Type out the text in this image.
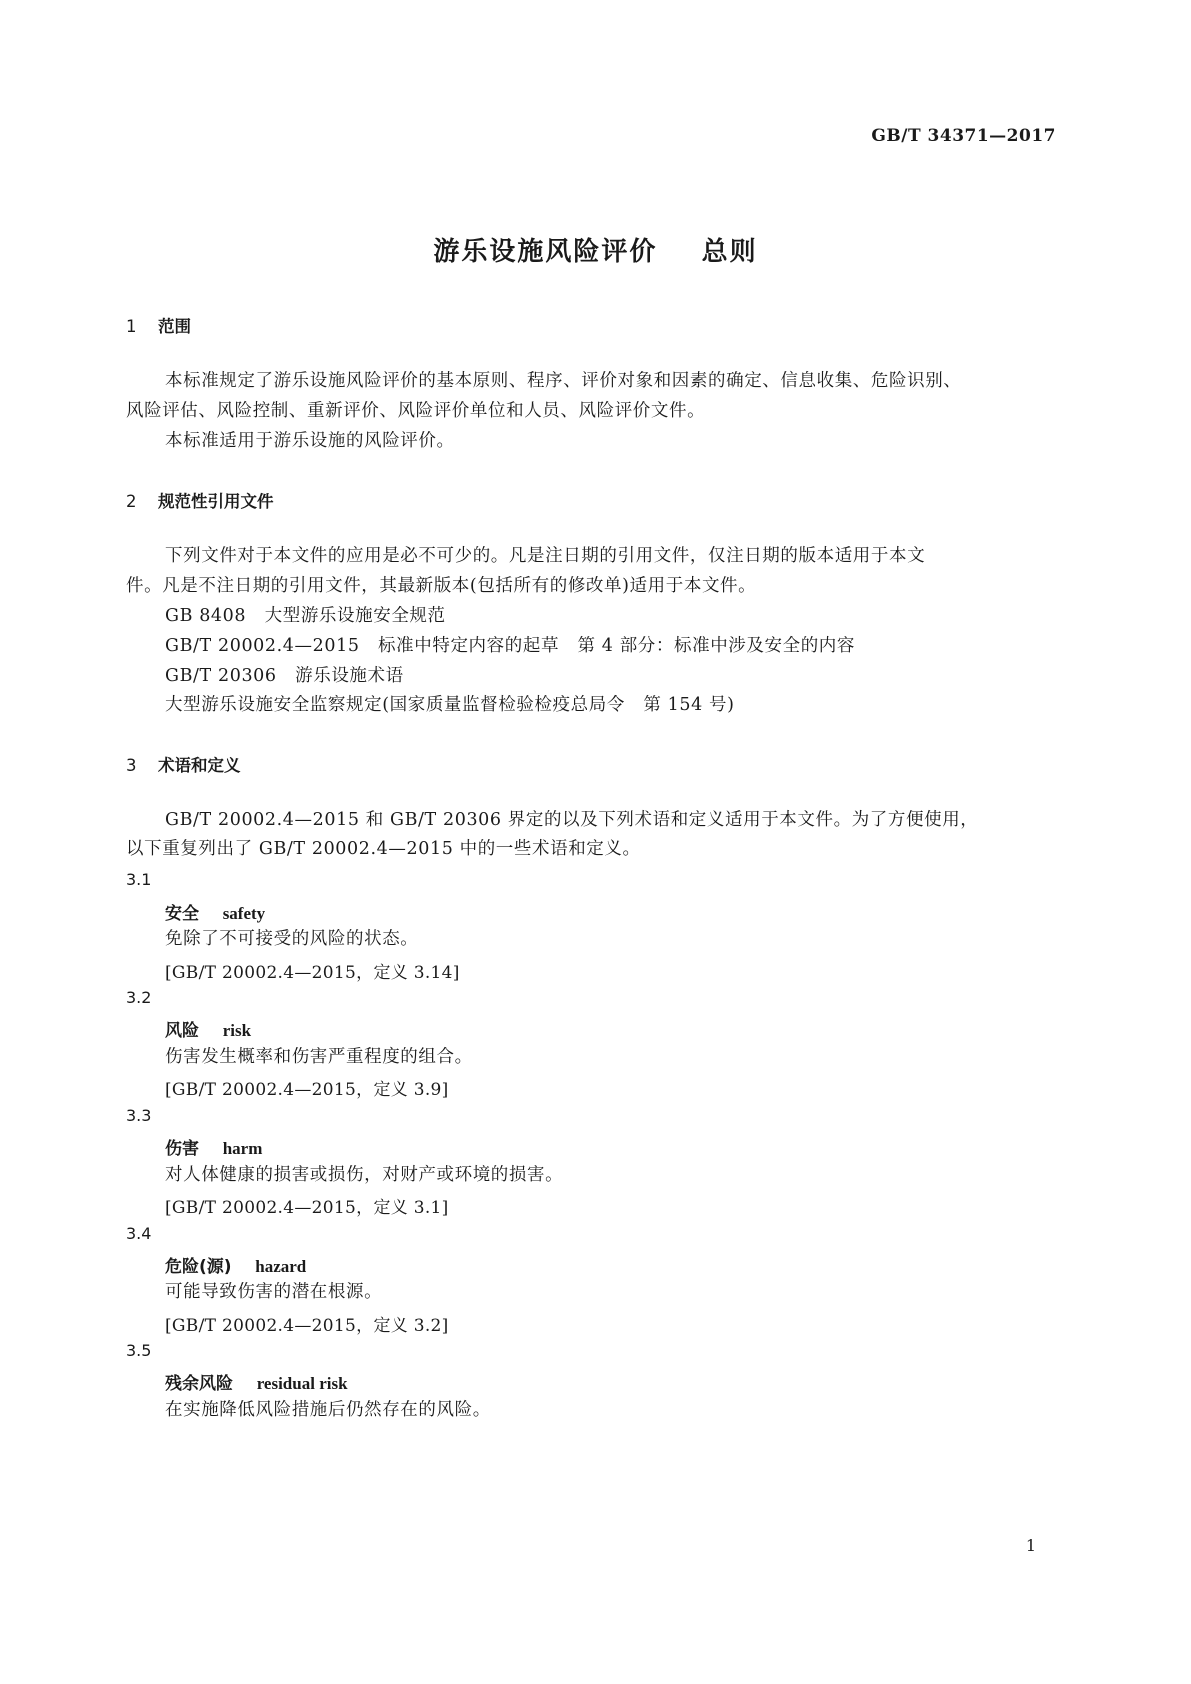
GB/T 34371—2017
游乐设施风险评价    总则
1 范围
本标准规定了游乐设施风险评价的基本原则、程序、评价对象和因素的确定、信息收集、危险识别、
风险评估、风险控制、重新评价、风险评价单位和人员、风险评价文件。
本标准适用于游乐设施的风险评价。
2 规范性引用文件
下列文件对于本文件的应用是必不可少的。凡是注日期的引用文件，仅注日期的版本适用于本文
件。凡是不注日期的引用文件，其最新版本(包括所有的修改单)适用于本文件。
GB 8408   大型游乐设施安全规范
GB/T 20002.4—2015   标准中特定内容的起草   第 4 部分：标准中涉及安全的内容
GB/T 20306   游乐设施术语
大型游乐设施安全监察规定(国家质量监督检验检疫总局令   第 154 号)
3 术语和定义
GB/T 20002.4—2015 和 GB/T 20306 界定的以及下列术语和定义适用于本文件。为了方便使用，
以下重复列出了 GB/T 20002.4—2015 中的一些术语和定义。
3.1
安全 safety
免除了不可接受的风险的状态。
[GB/T 20002.4—2015，定义 3.14]
3.2
风险 risk
伤害发生概率和伤害严重程度的组合。
[GB/T 20002.4—2015，定义 3.9]
3.3
伤害 harm
对人体健康的损害或损伤，对财产或环境的损害。
[GB/T 20002.4—2015，定义 3.1]
3.4
危险(源) hazard
可能导致伤害的潜在根源。
[GB/T 20002.4—2015，定义 3.2]
3.5
残余风险 residual risk
在实施降低风险措施后仍然存在的风险。
1
